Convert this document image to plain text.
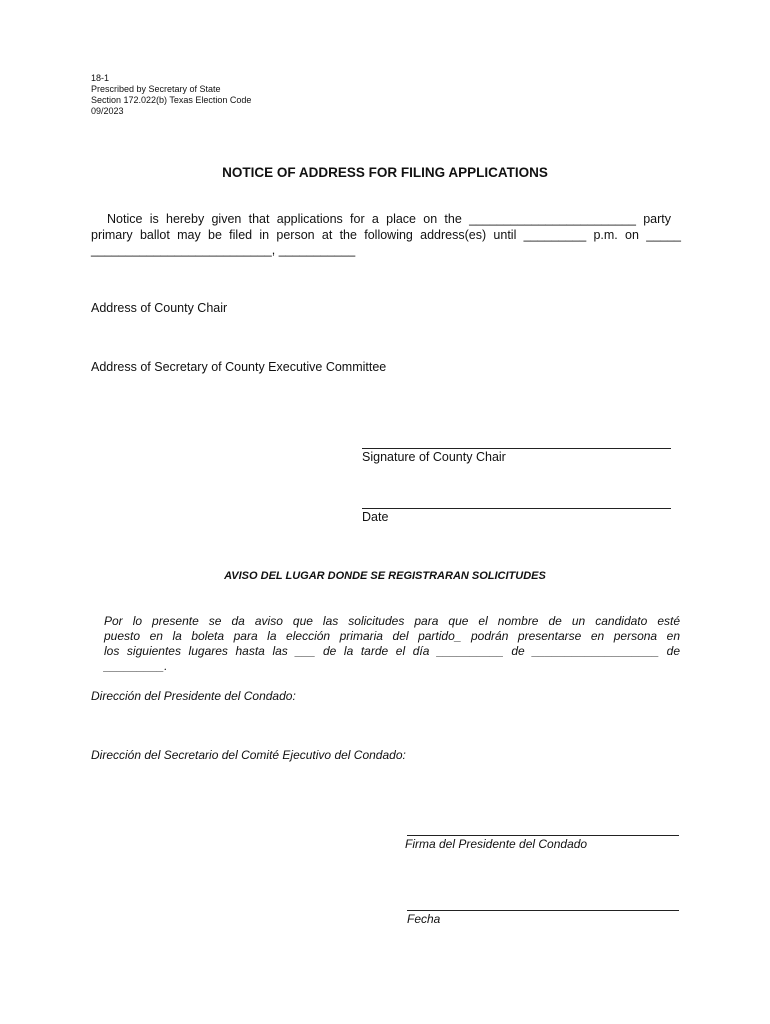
18-1
Prescribed by Secretary of State
Section 172.022(b) Texas Election Code
09/2023
NOTICE OF ADDRESS FOR FILING APPLICATIONS
Notice is hereby given that applications for a place on the ________________________ party
primary ballot may be filed in person at the following address(es) until _________ p.m. on _____
__________________________, ___________
Address of County Chair
Address of Secretary of County Executive Committee
Signature of County Chair
Date
AVISO DEL LUGAR DONDE SE REGISTRARAN SOLICITUDES
Por lo presente se da aviso que las solicitudes para que el nombre de un candidato esté
puesto en la boleta para la elección primaria del partido_ podrán presentarse en persona en
los siguientes lugares hasta las ___ de la tarde el día __________ de ___________________ de
_________.
Dirección del Presidente del Condado:
Dirección del Secretario del Comité Ejecutivo del Condado:
Firma del Presidente del Condado
Fecha
